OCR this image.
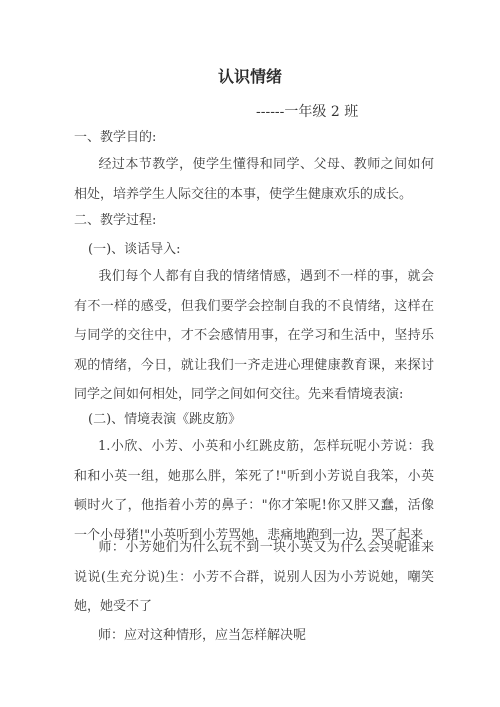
认识情绪
------一年级 2 班
一、教学目的:
经过本节教学，使学生懂得和同学、父母、教师之间如何相处，培养学生人际交往的本事，使学生健康欢乐的成长。
二、教学过程:
(一)、谈话导入:
我们每个人都有自我的情绪情感，遇到不一样的事，就会有不一样的感受，但我们要学会控制自我的不良情绪，这样在与同学的交往中，才不会感情用事，在学习和生活中，坚持乐观的情绪，今日，就让我们一齐走进心理健康教育课，来探讨同学之间如何相处，同学之间如何交往。先来看情境表演:
(二)、情境表演《跳皮筋》
1.小欣、小芳、小英和小红跳皮筋，怎样玩呢小芳说：我和和小英一组，她那么胖，笨死了!"听到小芳说自我笨，小英顿时火了，他指着小芳的鼻子："你才笨呢!你又胖又蠢，活像一个小母猪!"小英听到小芳骂她，悲痛地跑到一边，哭了起来
师：小芳她们为什么玩不到一块小英又为什么会哭呢谁来说说(生充分说)生：小芳不合群，说别人因为小芳说她，嘲笑她，她受不了
师：应对这种情形，应当怎样解决呢
